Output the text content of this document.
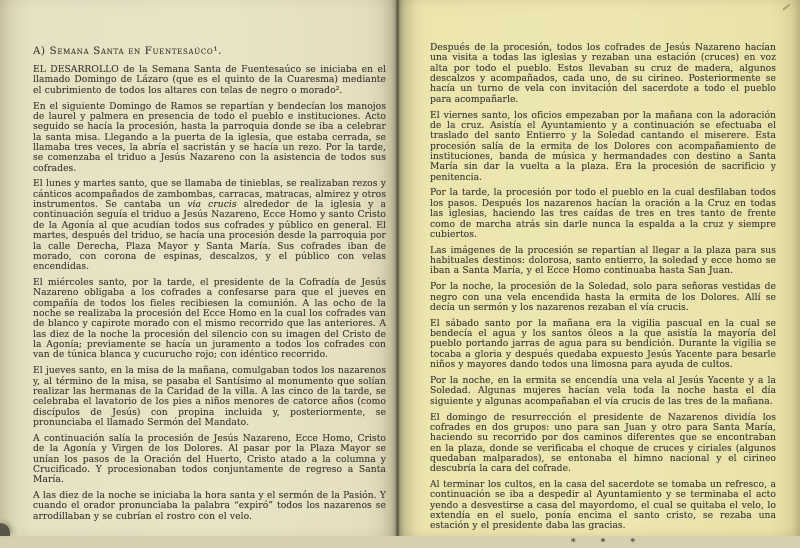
A) Semana Santa en Fuentesaúco¹.

EL DESARROLLO de la Semana Santa de Fuentesaúco se iniciaba en el llamado Domingo de Lázaro (que es el quinto de la Cuaresma) mediante el cubrimiento de todos los altares con telas de negro o morado².

En el siguiente Domingo de Ramos se repartían y bendecían los manojos de laurel y palmera en presencia de todo el pueblo e instituciones. Acto seguido se hacía la procesión, hasta la parroquia donde se iba a celebrar la santa misa. Llegando a la puerta de la iglesia, que estaba cerrada, se llamaba tres veces, la abría el sacristán y se hacía un rezo. Por la tarde, se comenzaba el triduo a Jesús Nazareno con la asistencia de todos sus cofrades.

El lunes y martes santo, que se llamaba de tinieblas, se realizaban rezos y cánticos acompañados de zambombas, carracas, matracas, almirez y otros instrumentos. Se cantaba un via crucis alrededor de la iglesia y a continuación seguía el triduo a Jesús Nazareno, Ecce Homo y santo Cristo de la Agonía al que acudían todos sus cofrades y público en general. El martes, después del triduo, se hacía una procesión desde la parroquia por la calle Derecha, Plaza Mayor y Santa María. Sus cofrades iban de morado, con corona de espinas, descalzos, y el público con velas encendidas.

El miércoles santo, por la tarde, el presidente de la Cofradía de Jesús Nazareno obligaba a los cofrades a confesarse para que el jueves en compañía de todos los fieles recibiesen la comunión. A las ocho de la noche se realizaba la procesión del Ecce Homo en la cual los cofrades van de blanco y capirote morado con el mismo recorrido que las anteriores. A las diez de la noche la procesión del silencio con su imagen del Cristo de la Agonía; previamente se hacía un juramento a todos los cofrades con van de túnica blanca y cucurucho rojo; con idéntico recorrido.

El jueves santo, en la misa de la mañana, comulgaban todos los nazarenos y, al término de la misa, se pasaba el Santísimo al monumento que solían realizar las hermanas de la Caridad de la villa. A las cinco de la tarde, se celebraba el lavatorio de los pies a niños menores de catorce años (como discípulos de Jesús) con propina incluida y, posteriormente, se pronunciaba el llamado Sermón del Mandato.

A continuación salía la procesión de Jesús Nazareno, Ecce Homo, Cristo de la Agonía y Virgen de los Dolores. Al pasar por la Plaza Mayor se unían los pasos de la Oración del Huerto, Cristo atado a la columna y Crucificado. Y procesionaban todos conjuntamente de regreso a Santa María.

A las diez de la noche se iniciaba la hora santa y el sermón de la Pasión. Y cuando el orador pronunciaba la palabra “expiró” todos los nazarenos se arrodillaban y se cubrían el rostro con el velo.

Después de la procesión, todos los cofrades de Jesús Nazareno hacían una visita a todas las iglesias y rezaban una estación (cruces) en voz alta por todo el pueblo. Estos llevaban su cruz de madera, algunos descalzos y acompañados, cada uno, de su cirineo. Posteriormente se hacía un turno de vela con invitación del sacerdote a todo el pueblo para acompañarle.

El viernes santo, los oficios empezaban por la mañana con la adoración de la cruz. Asistía el Ayuntamiento y a continuación se efectuaba el traslado del santo Entierro y la Soledad cantando el miserere. Esta procesión salía de la ermita de los Dolores con acompañamiento de instituciones, banda de música y hermandades con destino a Santa María sin dar la vuelta a la plaza. Era la procesión de sacrificio y penitencia.

Por la tarde, la procesión por todo el pueblo en la cual desfilaban todos los pasos. Después los nazarenos hacían la oración a la Cruz en todas las iglesias, haciendo las tres caídas de tres en tres tanto de frente como de marcha atrás sin darle nunca la espalda a la cruz y siempre cubiertos.

Las imágenes de la procesión se repartían al llegar a la plaza para sus habituales destinos: dolorosa, santo entierro, la soledad y ecce homo se iban a Santa María, y el Ecce Homo continuaba hasta San Juan.

Por la noche, la procesión de la Soledad, solo para señoras vestidas de negro con una vela encendida hasta la ermita de los Dolores. Allí se decía un sermón y los nazarenos rezaban el vía crucis.

El sábado santo por la mañana era la vigilia pascual en la cual se bendecía el agua y los santos óleos a la que asistía la mayoría del pueblo portando jarras de agua para su bendición. Durante la vigilia se tocaba a gloria y después quedaba expuesto Jesús Yacente para besarle niños y mayores dando todos una limosna para ayuda de cultos.

Por la noche, en la ermita se encendía una vela al Jesús Yacente y a la Soledad. Algunas mujeres hacían vela toda la noche hasta el día siguiente y algunas acompañaban el vía crucis de las tres de la mañana.

El domingo de resurrección el presidente de Nazarenos dividía los cofrades en dos grupos: uno para san Juan y otro para Santa María, haciendo su recorrido por dos caminos diferentes que se encontraban en la plaza, donde se verificaba el choque de cruces y ciriales (algunos quedaban malparados), se entonaba el himno nacional y el cirineo descubría la cara del cofrade.

Al terminar los cultos, en la casa del sacerdote se tomaba un refresco, a continuación se iba a despedir al Ayuntamiento y se terminaba el acto yendo a desvestirse a casa del mayordomo, el cual se quitaba el velo, lo extendía en el suelo, ponía encima el santo cristo, se rezaba una estación y el presidente daba las gracias.

* * *
